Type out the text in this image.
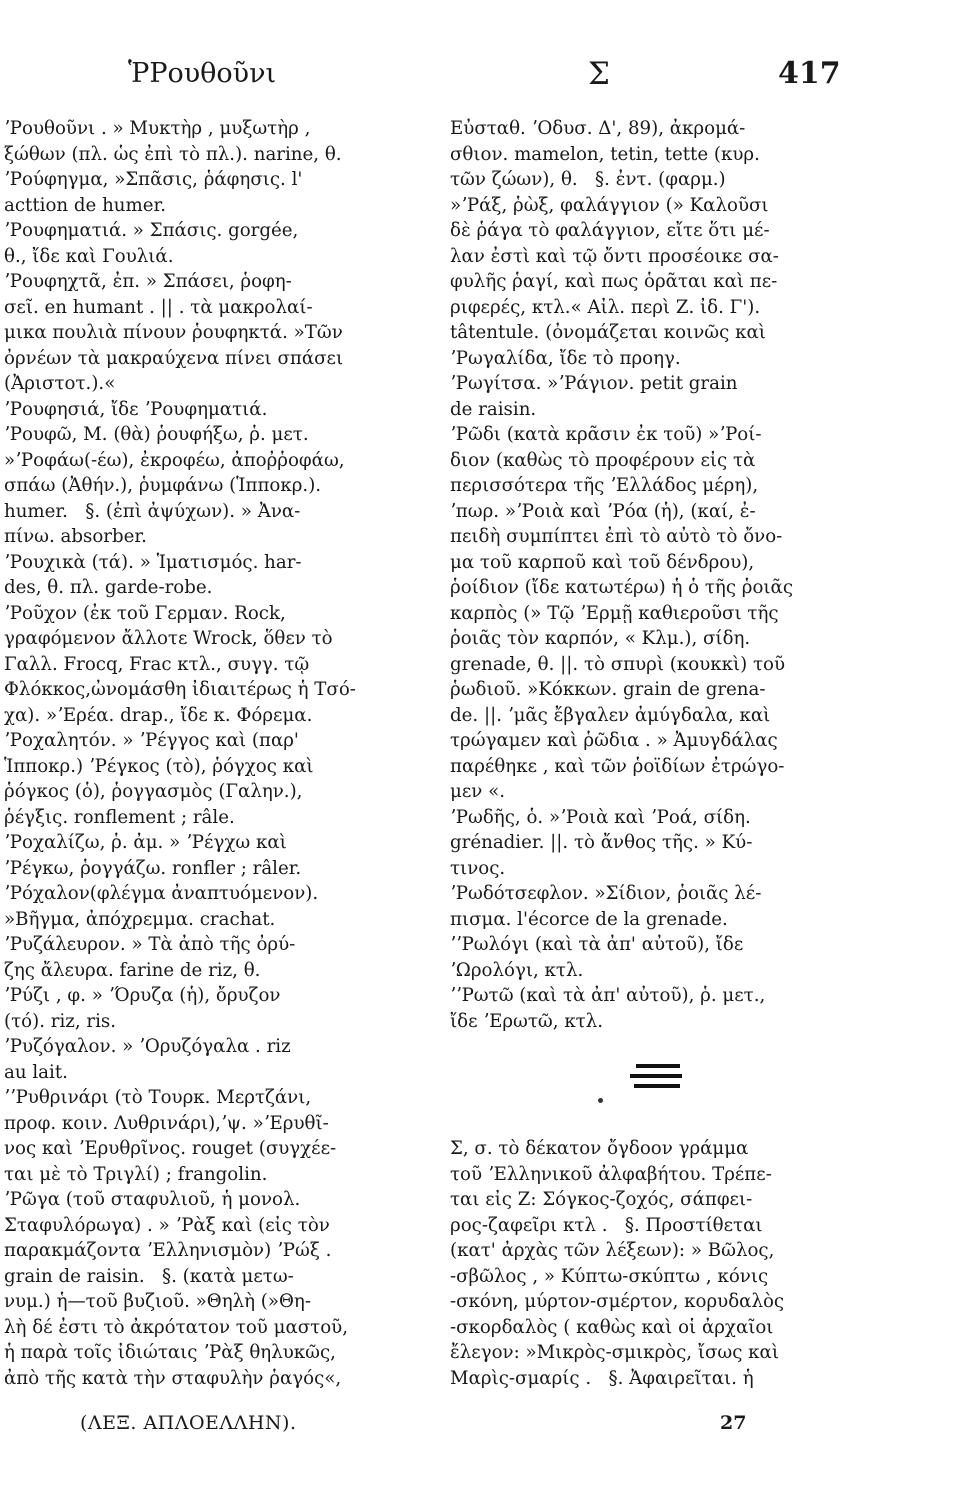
ῬΡουθοῦνι	Σ	417
ʼΡουθοῦνι . » Μυκτὴρ , μυξωτὴρ ,
ξώθων (πλ. ὡς ἐπὶ τὸ πλ.). narine, θ.
ʼΡούφηγμα, »Σπᾶσις, ῥάφησις. l'
acttion de humer.
ʼΡουφηματιά. » Σπάσις. gorgée,
θ., ἴδε καὶ Γουλιά.
ʼΡουφηχτᾶ, ἐπ. » Σπάσει, ῥοφη-
σεῖ. en humant . || . τὰ μακρολαί-
μικα πουλιὰ πίνουν ῥουφηκτά. »Τῶν
ὀρνέων τὰ μακραύχενα πίνει σπάσει
(Ἀριστοτ.).«
ʼΡουφησιά, ἴδε ʼΡουφηματιά.
ʼΡουφῶ, Μ. (θὰ) ῥουφήξω, ῥ. μετ.
»ʼΡοφάω(-έω), ἐκροφέω, ἀποῤῥοφάω,
σπάω (Ἀθήν.), ῥυμφάνω (Ἱπποκρ.).
humer.   §. (ἐπὶ ἀψύχων). » Ἀνα-
πίνω. absorber.
ʼΡουχικὰ (τά). » Ἱματισμός. har-
des, θ. πλ. garde-robe.
ʼΡοῦχον (ἐκ τοῦ Γερμαν. Rock,
γραφόμενον ἄλλοτε Wrock, ὅθεν τὸ
Γαλλ. Frocq, Frac κτλ., συγγ. τῷ
Φλόκκος,ὠνομάσθη ἰδιαιτέρως ἡ Τσό-
χα). »ʼΕρέα. drap., ἴδε κ. Φόρεμα.
ʼΡοχαλητόν. » ʼΡέγγος καὶ (παρ'
Ἱπποκρ.) ʼΡέγκος (τὸ), ῥόγχος καὶ
ῥόγκος (ὁ), ῥογγασμὸς (Γαλην.),
ῥέγξις. ronflement ; râle.
ʼΡοχαλίζω, ῥ. ἀμ. » ʼΡέγχω καὶ
ʼΡέγκω, ῥογγάζω. ronfler ; râler.
ʼΡόχαλον(φλέγμα ἀναπτυόμενον).
»Βῆγμα, ἀπόχρεμμα. crachat.
ʼΡυζάλευρον. » Τὰ ἀπὸ τῆς ὀρύ-
ζης ἄλευρα. farine de riz, θ.
ʼΡύζι , φ. » ʼΌρυζα (ἡ), ὄρυζον
(τό). riz, ris.
ʼΡυζόγαλον. » ʼΟρυζόγαλα . riz
au lait.
ʼʼΡυθρινάρι (τὸ Τουρκ. Μερτζάνι,
προφ. κοιν. Λυθρινάρι),ʼψ. »ʼΕρυθῖ-
νος καὶ ʼΕρυθρῖνος. rouget (συγχέε-
ται μὲ τὸ Τριγλί) ; frangolin.
ʼΡῶγα (τοῦ σταφυλιοῦ, ἡ μονολ.
Σταφυλόρωγα) . » ʼΡὰξ καὶ (εἰς τὸν
παρακμάζοντα ʼΕλληνισμὸν) ʼΡώξ .
grain de raisin.   §. (κατὰ μετω-
νυμ.) ἡ—τοῦ βυζιοῦ. »Θηλὴ (»Θη-
λὴ δέ ἐστι τὸ ἀκρότατον τοῦ μαστοῦ,
ἡ παρὰ τοῖς ἰδιώταις ʼΡὰξ θηλυκῶς,
ἀπὸ τῆς κατὰ τὴν σταφυλὴν ῥαγός«,
Εὐσταθ. ʼΟδυσ. Δ', 89), ἀκρομά-
σθιον. mamelon, tetin, tette (κυρ.
τῶν ζώων), θ.   §. ἐντ. (φαρμ.)
»ʼΡάξ, ῥὼξ, φαλάγγιον (» Καλοῦσι
δὲ ῥάγα τὸ φαλάγγιον, εἴτε ὅτι μέ-
λαν ἐστὶ καὶ τῷ ὄντι προσέοικε σα-
φυλῆς ῥαγί, καὶ πως ὁρᾶται καὶ πε-
ριφερές, κτλ.« Αἰλ. περὶ Ζ. ἰδ. Γ').
tâtentule. (ὀνομάζεται κοινῶς καὶ
ʼΡωγαλίδα, ἴδε τὸ προηγ.
ʼΡωγίτσα. »ʼΡάγιον. petit grain
de raisin.
ʼΡῶδι (κατὰ κρᾶσιν ἐκ τοῦ) »ʼΡοί-
διον (καθὼς τὸ προφέρουν εἰς τὰ
περισσότερα τῆς ʼΕλλάδος μέρη),
ʼπωρ. »ʼΡοιὰ καὶ ʼΡόα (ἡ), (καί, ἐ-
πειδὴ συμπίπτει ἐπὶ τὸ αὐτὸ τὸ ὄνο-
μα τοῦ καρποῦ καὶ τοῦ δένδρου),
ῥοίδιον (ἴδε κατωτέρω) ἡ ὁ τῆς ῥοιᾶς
καρπὸς (» Τῷ ʼΕρμῇ καθιεροῦσι τῆς
ῥοιᾶς τὸν καρπόν, « Κλμ.), σίδη.
grenade, θ. ||. τὸ σπυρὶ (κουκκὶ) τοῦ
ῥωδιοῦ. »Κόκκων. grain de grena-
de. ||. ʼμᾶς ἔβγαλεν ἀμύγδαλα, καὶ
τρώγαμεν καὶ ῥῶδια . » Ἀμυγδάλας
παρέθηκε , καὶ τῶν ῥοϊδίων ἐτρώγο-
μεν «.
ʼΡωδῆς, ὁ. »ʼΡοιὰ καὶ ʼΡοά, σίδη.
grénadier. ||. τὸ ἄνθος τῆς. » Κύ-
τινος.
ʼΡωδότσεφλον. »Σίδιον, ῥοιᾶς λέ-
πισμα. l'écorce de la grenade.
ʼʼΡωλόγι (καὶ τὰ ἀπ' αὐτοῦ), ἴδε
ʼΩρολόγι, κτλ.
ʼʼΡωτῶ (καὶ τὰ ἀπ' αὐτοῦ), ῥ. μετ.,
ἴδε ʼΕρωτῶ, κτλ.
Σ, σ. τὸ δέκατον ὄγδοον γράμμα
τοῦ ʼΕλληνικοῦ ἀλφαβήτου. Τρέπε-
ται εἰς Ζ: Σόγκος-ζοχός, σάπφει-
ρος-ζαφεῖρι κτλ .   §. Προστίθεται
(κατ' ἀρχὰς τῶν λέξεων): » Βῶλος,
-σβῶλος , » Κύπτω-σκύπτω , κόνις
-σκόνη, μύρτον-σμέρτον, κορυδαλὸς
-σκορδαλὸς ( καθὼς καὶ οἱ ἀρχαῖοι
ἔλεγον: »Μικρὸς-σμικρὸς, ἴσως καὶ
Μαρὶς-σμαρίς .   §. Ἀφαιρεῖται. ἡ
(ΛΕΞ. ΑΠΛΟΕΛΛΗΝ).	27
